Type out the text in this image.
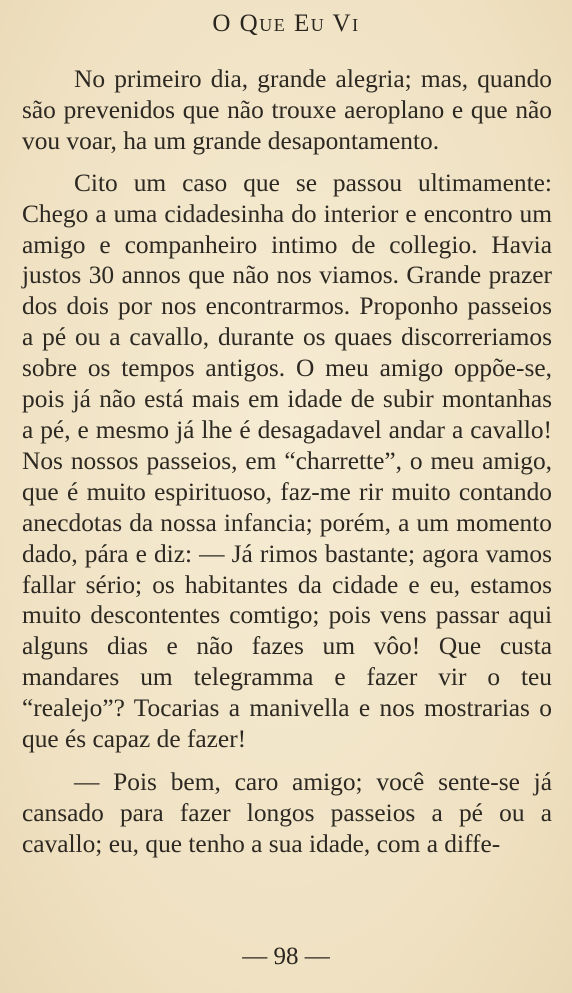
O Que Eu Vi

No primeiro dia, grande alegria; mas, quando são prevenidos que não trouxe aeroplano e que não vou voar, ha um grande desapontamento.

Cito um caso que se passou ultimamente: Chego a uma cidadesinha do interior e encontro um amigo e companheiro intimo de collegio. Havia justos 30 annos que não nos viamos. Grande prazer dos dois por nos encontrarmos. Proponho passeios a pé ou a cavallo, durante os quaes discorreriamos sobre os tempos antigos. O meu amigo oppõe-se, pois já não está mais em idade de subir montanhas a pé, e mesmo já lhe é desagadavel andar a cavallo! Nos nossos passeios, em “charrette”, o meu amigo, que é muito espirituoso, faz-me rir muito contando anecdotas da nossa infancia; porém, a um momento dado, pára e diz: — Já rimos bastante; agora vamos fallar sério; os habitantes da cidade e eu, estamos muito descontentes comtigo; pois vens passar aqui alguns dias e não fazes um vôo! Que custa mandares um telegramma e fazer vir o teu “realejo”? Tocarias a manivella e nos mostrarias o que és capaz de fazer!

— Pois bem, caro amigo; você sente-se já cansado para fazer longos passeios a pé ou a cavallo; eu, que tenho a sua idade, com a diffe-

— 98 —
